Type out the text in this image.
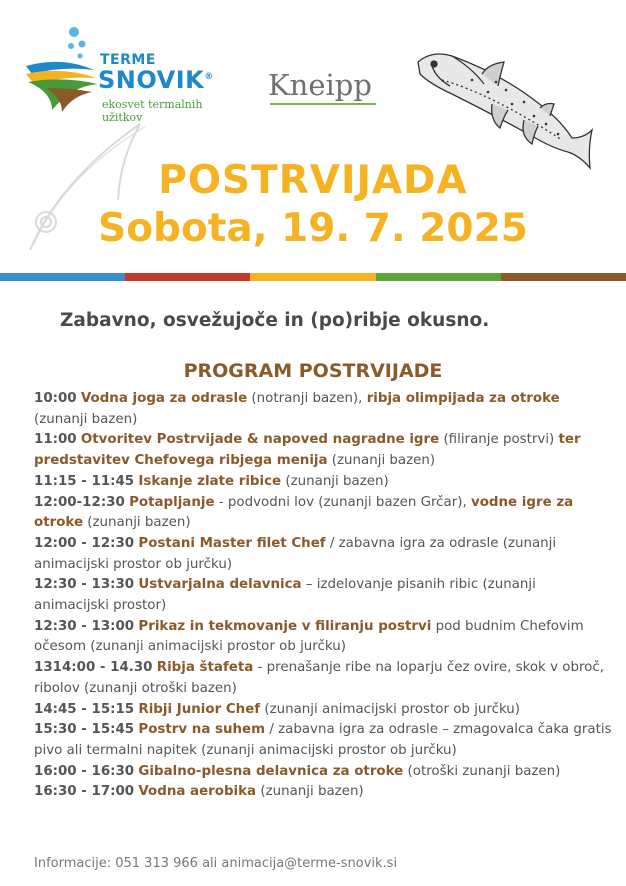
TERME
SNOVIK®
ekosvet termalnih užitkov
Kneipp
POSTRVIJADA
Sobota, 19. 7. 2025
Zabavno, osvežujoče in (po)ribje okusno.
PROGRAM POSTRVIJADE
10:00 Vodna joga za odrasle (notranji bazen), ribja olimpijada za otroke (zunanji bazen)
11:00 Otvoritev Postrvijade & napoved nagradne igre (filiranje postrvi) ter predstavitev Chefovega ribjega menija (zunanji bazen)
11:15 - 11:45 Iskanje zlate ribice (zunanji bazen)
12:00-12:30 Potapljanje - podvodni lov (zunanji bazen Grčar), vodne igre za otroke (zunanji bazen)
12:00 - 12:30 Postani Master filet Chef / zabavna igra za odrasle (zunanji animacijski prostor ob jurčku)
12:30 - 13:30 Ustvarjalna delavnica – izdelovanje pisanih ribic (zunanji animacijski prostor)
12:30 - 13:00 Prikaz in tekmovanje v filiranju postrvi pod budnim Chefovim očesom (zunanji animacijski prostor ob jurčku)
1314:00 - 14.30 Ribja štafeta - prenašanje ribe na loparju čez ovire, skok v obroč, ribolov (zunanji otroški bazen)
14:45 - 15:15 Ribji Junior Chef (zunanji animacijski prostor ob jurčku)
15:30 - 15:45 Postrv na suhem / zabavna igra za odrasle – zmagovalca čaka gratis pivo ali termalni napitek (zunanji animacijski prostor ob jurčku)
16:00 - 16:30 Gibalno-plesna delavnica za otroke (otroški zunanji bazen)
16:30 - 17:00 Vodna aerobika (zunanji bazen)
Informacije: 051 313 966 ali animacija@terme-snovik.si
